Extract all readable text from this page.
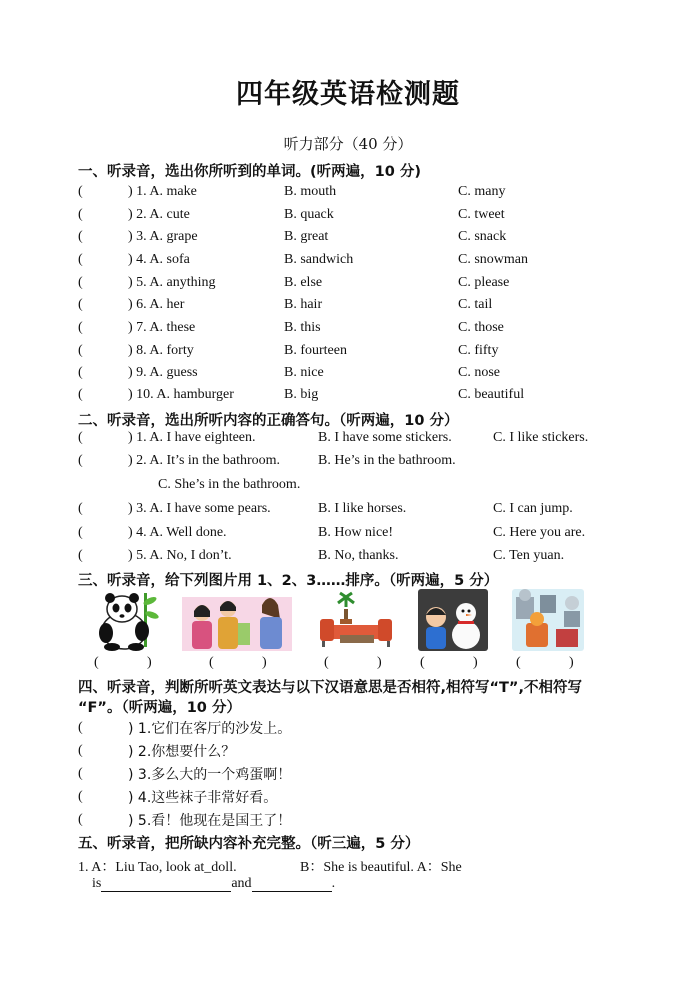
四年级英语检测题
听力部分（40 分）
一、听录音，选出你所听到的单词。(听两遍，10 分)
(	) 1. A. make	B. mouth	C. many
(	) 2. A. cute	B. quack	C. tweet
(	) 3. A. grape	B. great	C. snack
(	) 4. A. sofa	B. sandwich	C. snowman
(	) 5. A. anything	B. else	C. please
(	) 6. A. her	B. hair	C. tail
(	) 7. A. these	B. this	C. those
(	) 8. A. forty	B. fourteen	C. fifty
(	) 9. A. guess	B. nice	C. nose
(	) 10. A. hamburger	B. big	C. beautiful
二、听录音，选出所听内容的正确答句。（听两遍，10 分）
(	) 1. A. I have eighteen.	B. I have some stickers.	C. I like stickers.
(	) 2. A. It’s in the bathroom.	B. He’s in the bathroom.
C. She’s in the bathroom.
(	) 3. A. I have some pears.	B. I like horses.	C. I can jump.
(	) 4. A. Well done.	B. How nice!	C. Here you are.
(	) 5. A. No, I don’t.	B. No, thanks.	C. Ten yuan.
三、听录音，给下列图片用 1、2、3……排序。（听两遍，5 分）
(	)	(	)	(	)	(	)	(	)
四、听录音，判断所听英文表达与以下汉语意思是否相符,相符写“T”,不相符写
“F”。（听两遍，10 分）
(	) 1.它们在客厅的沙发上。
(	) 2.你想要什么？
(	) 3.多么大的一个鸡蛋啊！
(	) 4.这些袜子非常好看。
(	) 5.看！他现在是国王了！
五、听录音，把所缺内容补充完整。（听三遍，5 分）
1. A：Liu Tao, look at_doll.	B：She is beautiful. A：She
is	and	.
